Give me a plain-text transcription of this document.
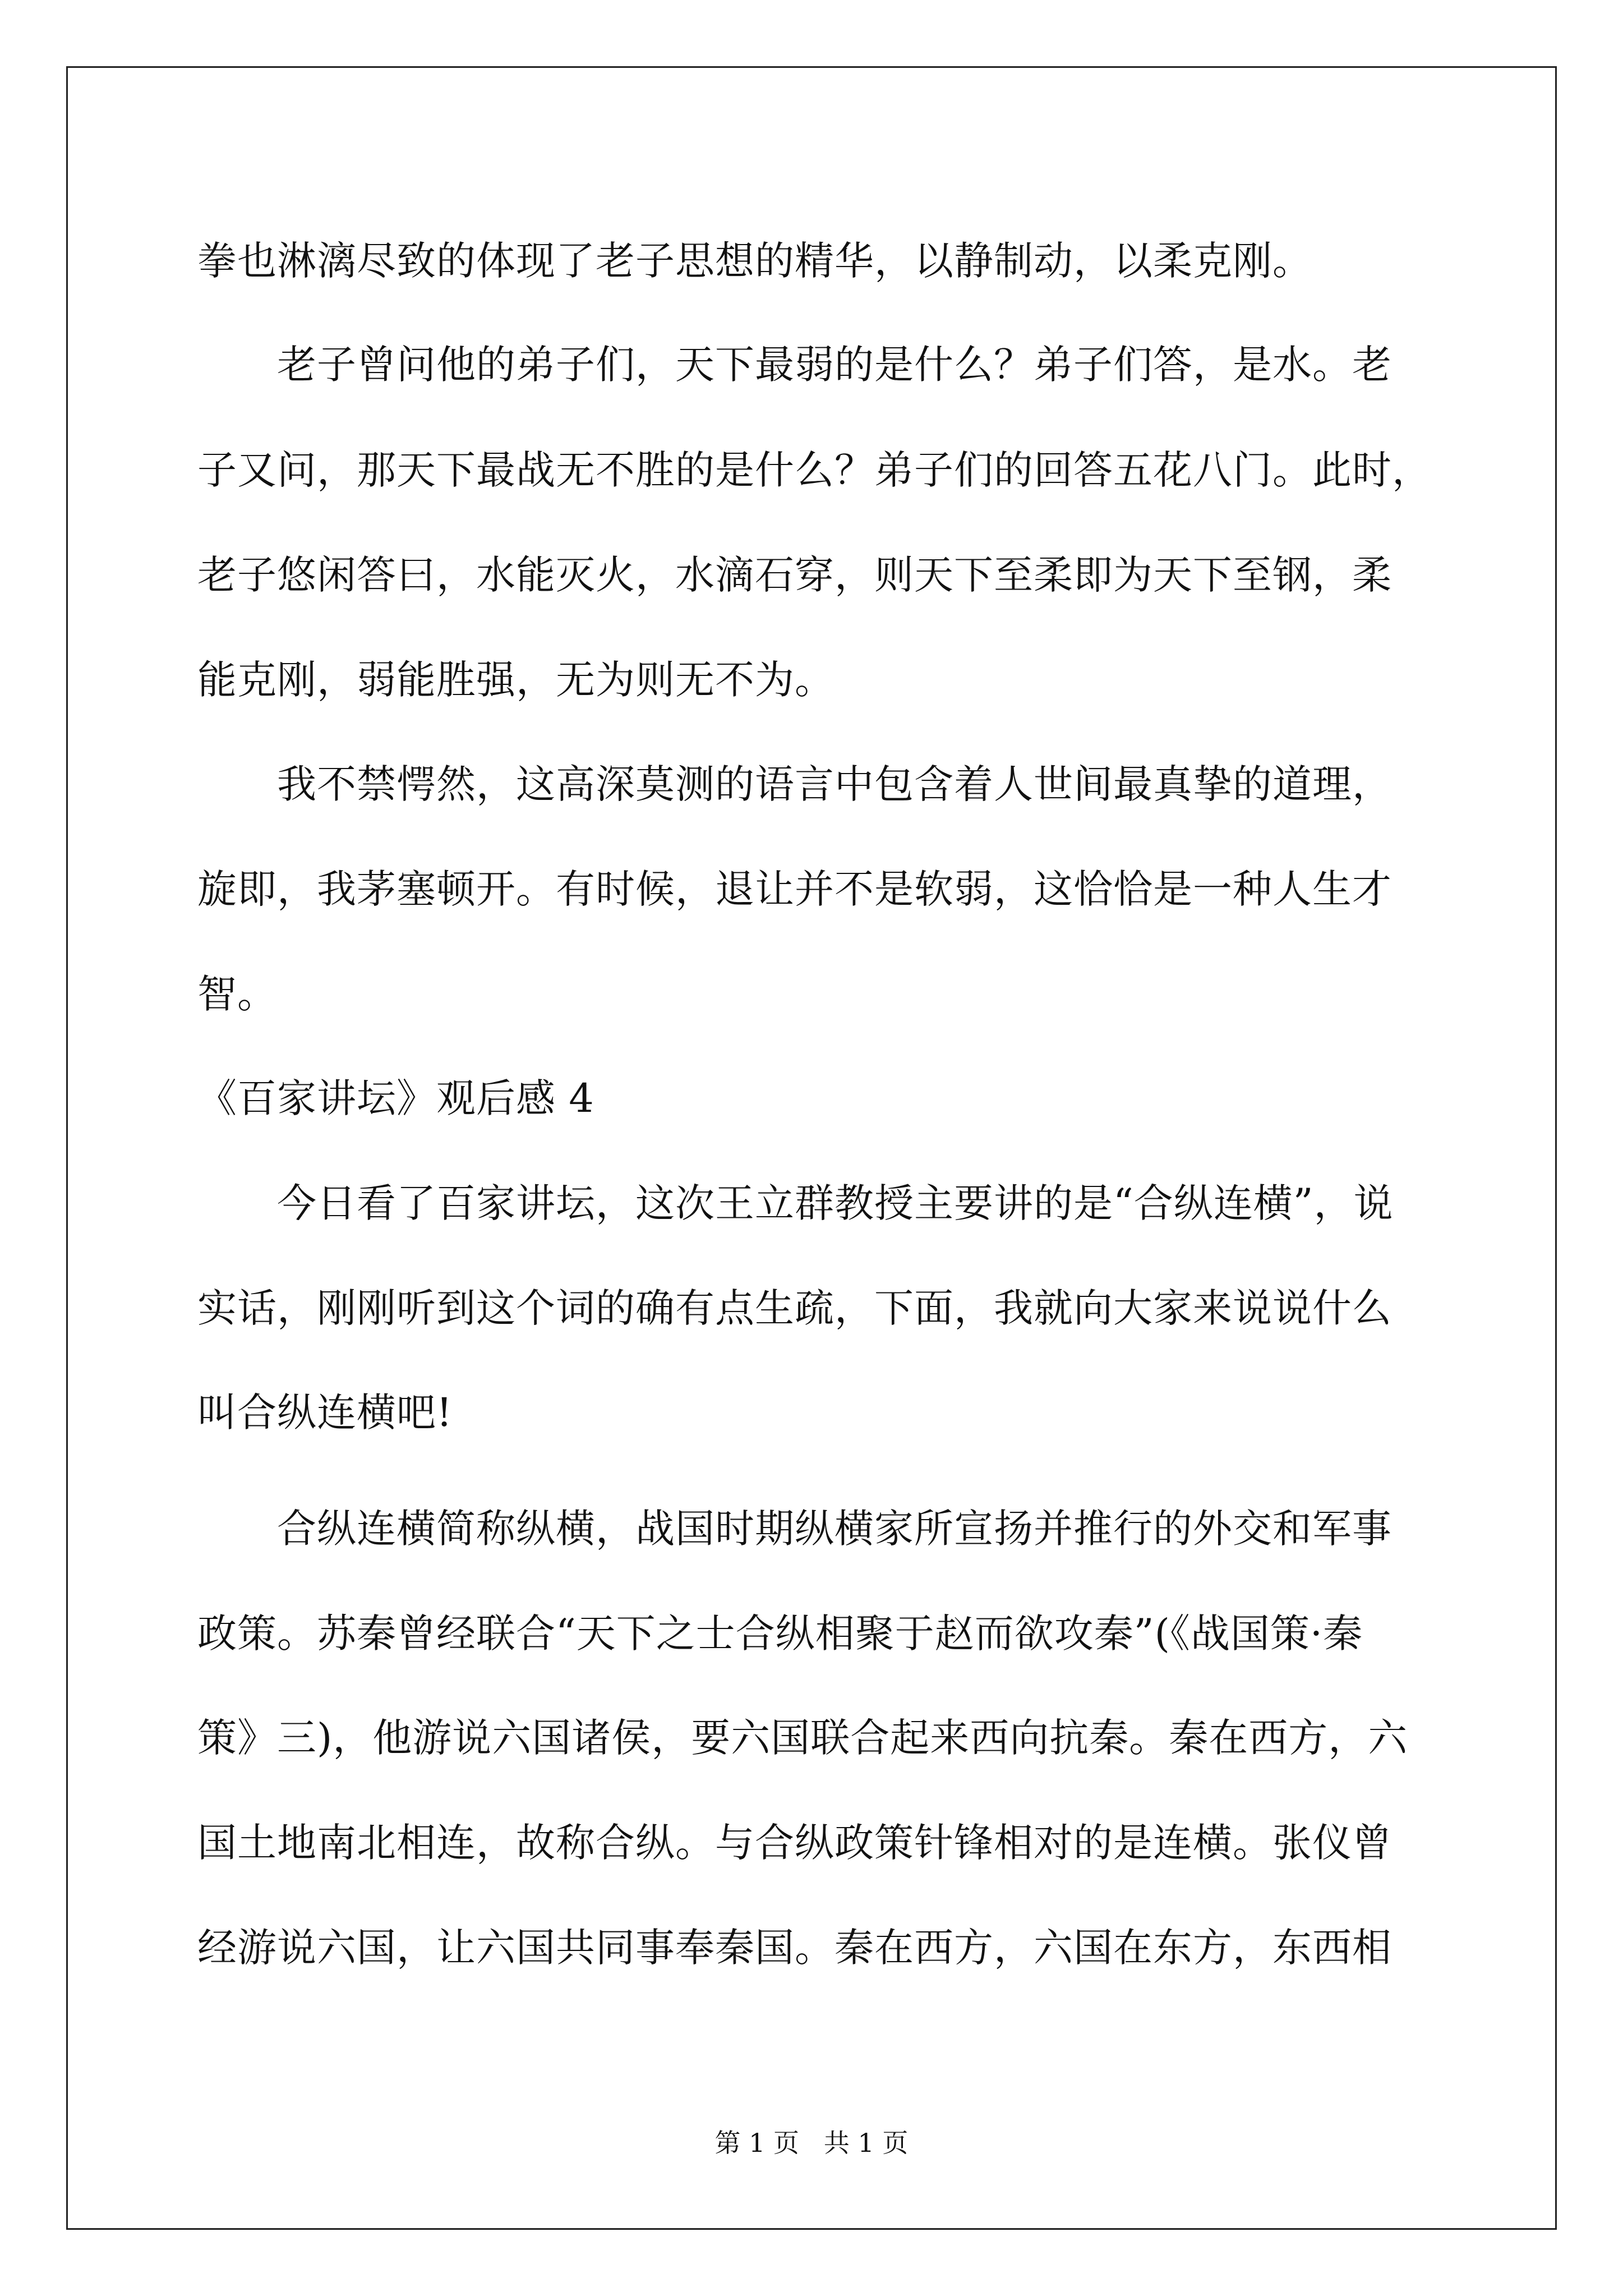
拳也淋漓尽致的体现了老子思想的精华，以静制动，以柔克刚。
　　老子曾问他的弟子们，天下最弱的是什么？弟子们答，是水。老
子又问，那天下最战无不胜的是什么？弟子们的回答五花八门。此时，
老子悠闲答曰，水能灭火，水滴石穿，则天下至柔即为天下至钢，柔
能克刚，弱能胜强，无为则无不为。
　　我不禁愕然，这高深莫测的语言中包含着人世间最真挚的道理，
旋即，我茅塞顿开。有时候，退让并不是软弱，这恰恰是一种人生才
智。
《百家讲坛》观后感 4
　　今日看了百家讲坛，这次王立群教授主要讲的是“合纵连横”，说
实话，刚刚听到这个词的确有点生疏，下面，我就向大家来说说什么
叫合纵连横吧!
　　合纵连横简称纵横，战国时期纵横家所宣扬并推行的外交和军事
政策。苏秦曾经联合“天下之士合纵相聚于赵而欲攻秦”(《战国策·秦
策》三)，他游说六国诸侯，要六国联合起来西向抗秦。秦在西方，六
国土地南北相连，故称合纵。与合纵政策针锋相对的是连横。张仪曾
经游说六国，让六国共同事奉秦国。秦在西方，六国在东方，东西相
第 1 页   共 1 页
